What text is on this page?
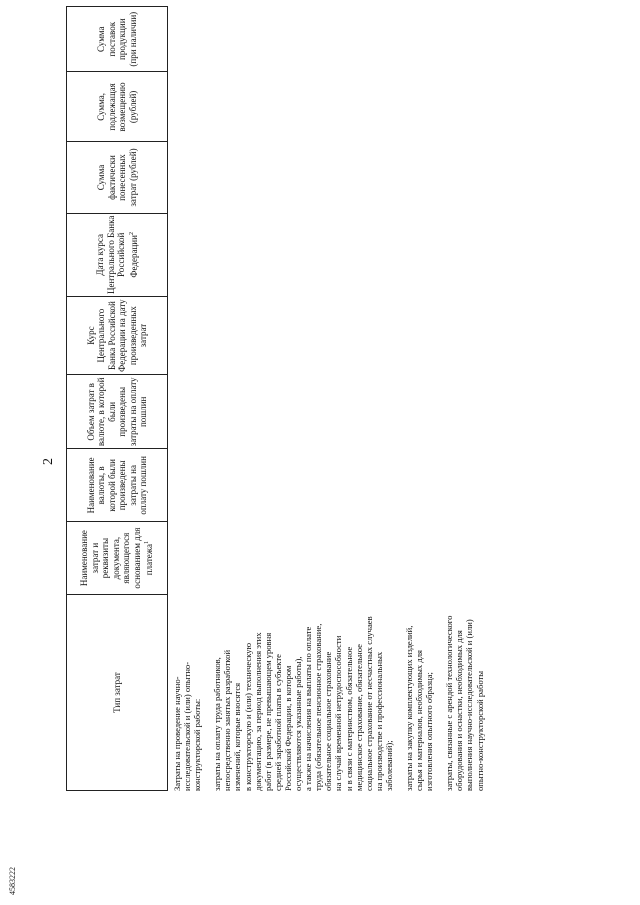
2
4583222
Тип затрат	Наименование затрат и реквизиты документа, являющегося основанием для платежа$^1$	Наименование валюты, в которой были произведены затраты на оплату пошлин	Объем затрат в валюте, в которой были произведены затраты на оплату пошлин	Курс Центрального Банка Российской Федерации на дату произведенных затрат	Дата курса Центрального Банка Российской Федерации$^2$	Сумма фактически понесенных затрат (рублей)	Сумма, подлежащая возмещению (рублей)	Сумма поставок продукции (при наличии)
Затраты на проведение научно- исследовательской и (или) опытно- конструкторской работы: затраты на оплату труда работников, непосредственно занятых разработкой изменений, которые вносятся в конструкторскую и (или) техническую документацию, за период выполнения этих работ (в размере, не превышающем уровня средней заработной платы в субъекте Российской Федерации, в котором осуществляются указанные работы), а также на начисления на выплаты по оплате труда (обязательное пенсионное страхование, обязательное социальное страхование на случай временной нетрудоспособности и в связи с материнством, обязательное медицинское страхование, обязательное социальное страхование от несчастных случаев на производстве и профессиональных заболеваний); затраты на закупку комплектующих изделий, сырья и материалов, необходимых для изготовления опытного образца; затраты, связанные с арендой технологического оборудования и оснастки, необходимых для выполнения научно-исследовательской и (или) опытно-конструкторской работы
